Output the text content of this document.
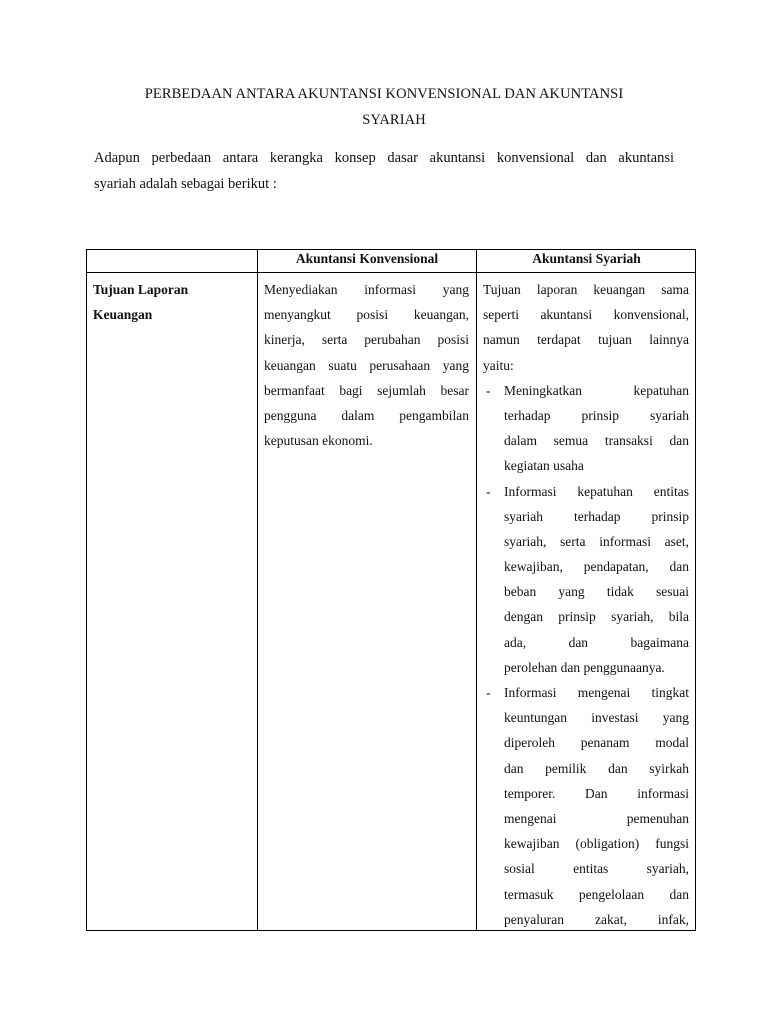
PERBEDAAN ANTARA AKUNTANSI KONVENSIONAL DAN AKUNTANSI
SYARIAH

Adapun perbedaan antara kerangka konsep dasar akuntansi konvensional dan akuntansi

syariah adalah sebagai berikut :

Akuntansi Konvensional	Akuntansi Syariah
Tujuan Laporan
Keuangan
Menyediakan informasi yang
menyangkut posisi keuangan,
kinerja, serta perubahan posisi
keuangan suatu perusahaan yang
bermanfaat bagi sejumlah besar
pengguna dalam pengambilan
keputusan ekonomi.
Tujuan laporan keuangan sama
seperti akuntansi konvensional,
namun terdapat tujuan lainnya
yaitu:
- Meningkatkan kepatuhan
terhadap prinsip syariah
dalam semua transaksi dan
kegiatan usaha
- Informasi kepatuhan entitas
syariah terhadap prinsip
syariah, serta informasi aset,
kewajiban, pendapatan, dan
beban yang tidak sesuai
dengan prinsip syariah, bila
ada, dan bagaimana
perolehan dan penggunaanya.
- Informasi mengenai tingkat
keuntungan investasi yang
diperoleh penanam modal
dan pemilik dan syirkah
temporer. Dan informasi
mengenai pemenuhan
kewajiban (obligation) fungsi
sosial entitas syariah,
termasuk pengelolaan dan
penyaluran zakat, infak,
